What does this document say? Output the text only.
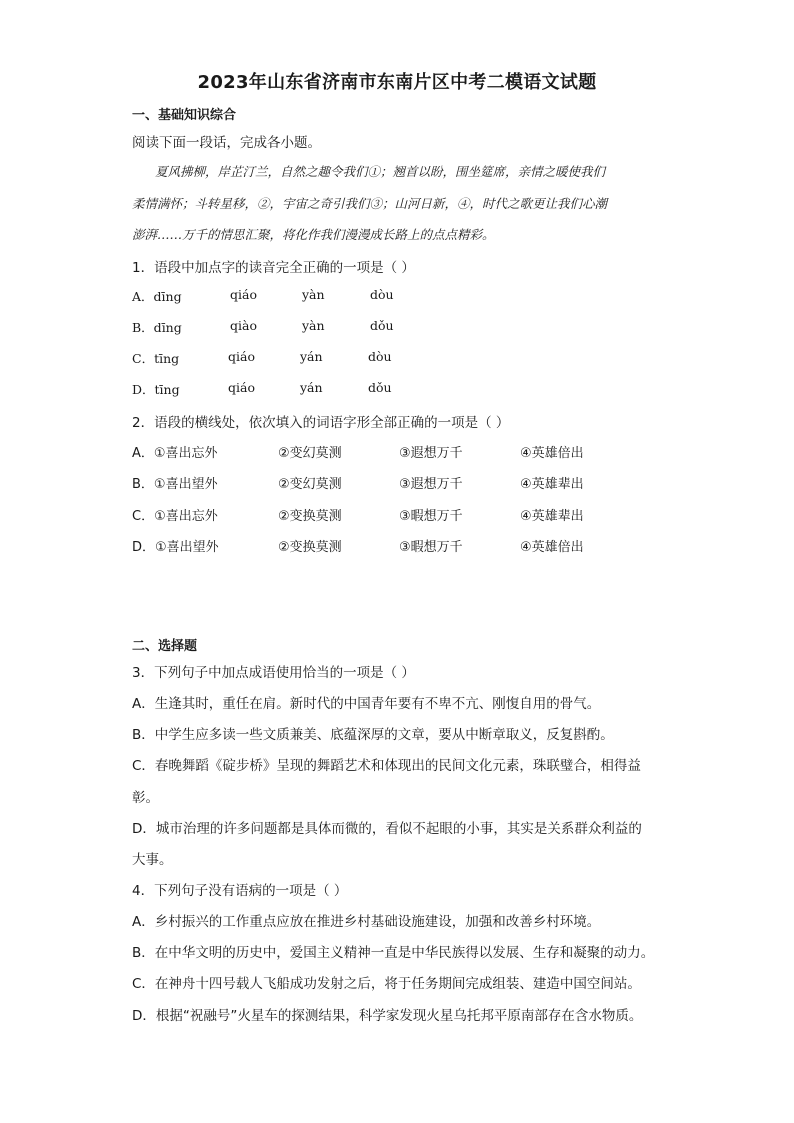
2023年山东省济南市东南片区中考二模语文试题
一、基础知识综合
阅读下面一段话，完成各小题。
夏风拂柳，岸芷汀兰，自然之趣令我们①；翘首以盼，围坐筵席，亲情之暖使我们
柔情满怀；斗转星移，②，宇宙之奇引我们③；山河日新，④，时代之歌更让我们心潮
澎湃……万千的情思汇聚，将化作我们漫漫成长路上的点点精彩。
1．语段中加点字的读音完全正确的一项是（ ）
A．dīng	qiáo	yàn	dòu
B．dīng	qiào	yàn	dǒu
C．tīng	qiáo	yán	dòu
D．tīng	qiáo	yán	dǒu
2．语段的横线处，依次填入的词语字形全部正确的一项是（ ）
A．①喜出忘外	②变幻莫测	③遐想万千	④英雄倍出
B．①喜出望外	②变幻莫测	③遐想万千	④英雄辈出
C．①喜出忘外	②变换莫测	③暇想万千	④英雄辈出
D．①喜出望外	②变换莫测	③暇想万千	④英雄倍出
二、选择题
3．下列句子中加点成语使用恰当的一项是（ ）
A．生逢其时，重任在肩。新时代的中国青年要有不卑不亢、刚愎自用的骨气。
B．中学生应多读一些文质兼美、底蕴深厚的文章，要从中断章取义，反复斟酌。
C．春晚舞蹈《碇步桥》呈现的舞蹈艺术和体现出的民间文化元素，珠联璧合，相得益
彰。
D．城市治理的许多问题都是具体而微的，看似不起眼的小事，其实是关系群众利益的
大事。
4．下列句子没有语病的一项是（ ）
A．乡村振兴的工作重点应放在推进乡村基础设施建设，加强和改善乡村环境。
B．在中华文明的历史中，爱国主义精神一直是中华民族得以发展、生存和凝聚的动力。
C．在神舟十四号载人飞船成功发射之后，将于任务期间完成组装、建造中国空间站。
D．根据“祝融号”火星车的探测结果，科学家发现火星乌托邦平原南部存在含水物质。
